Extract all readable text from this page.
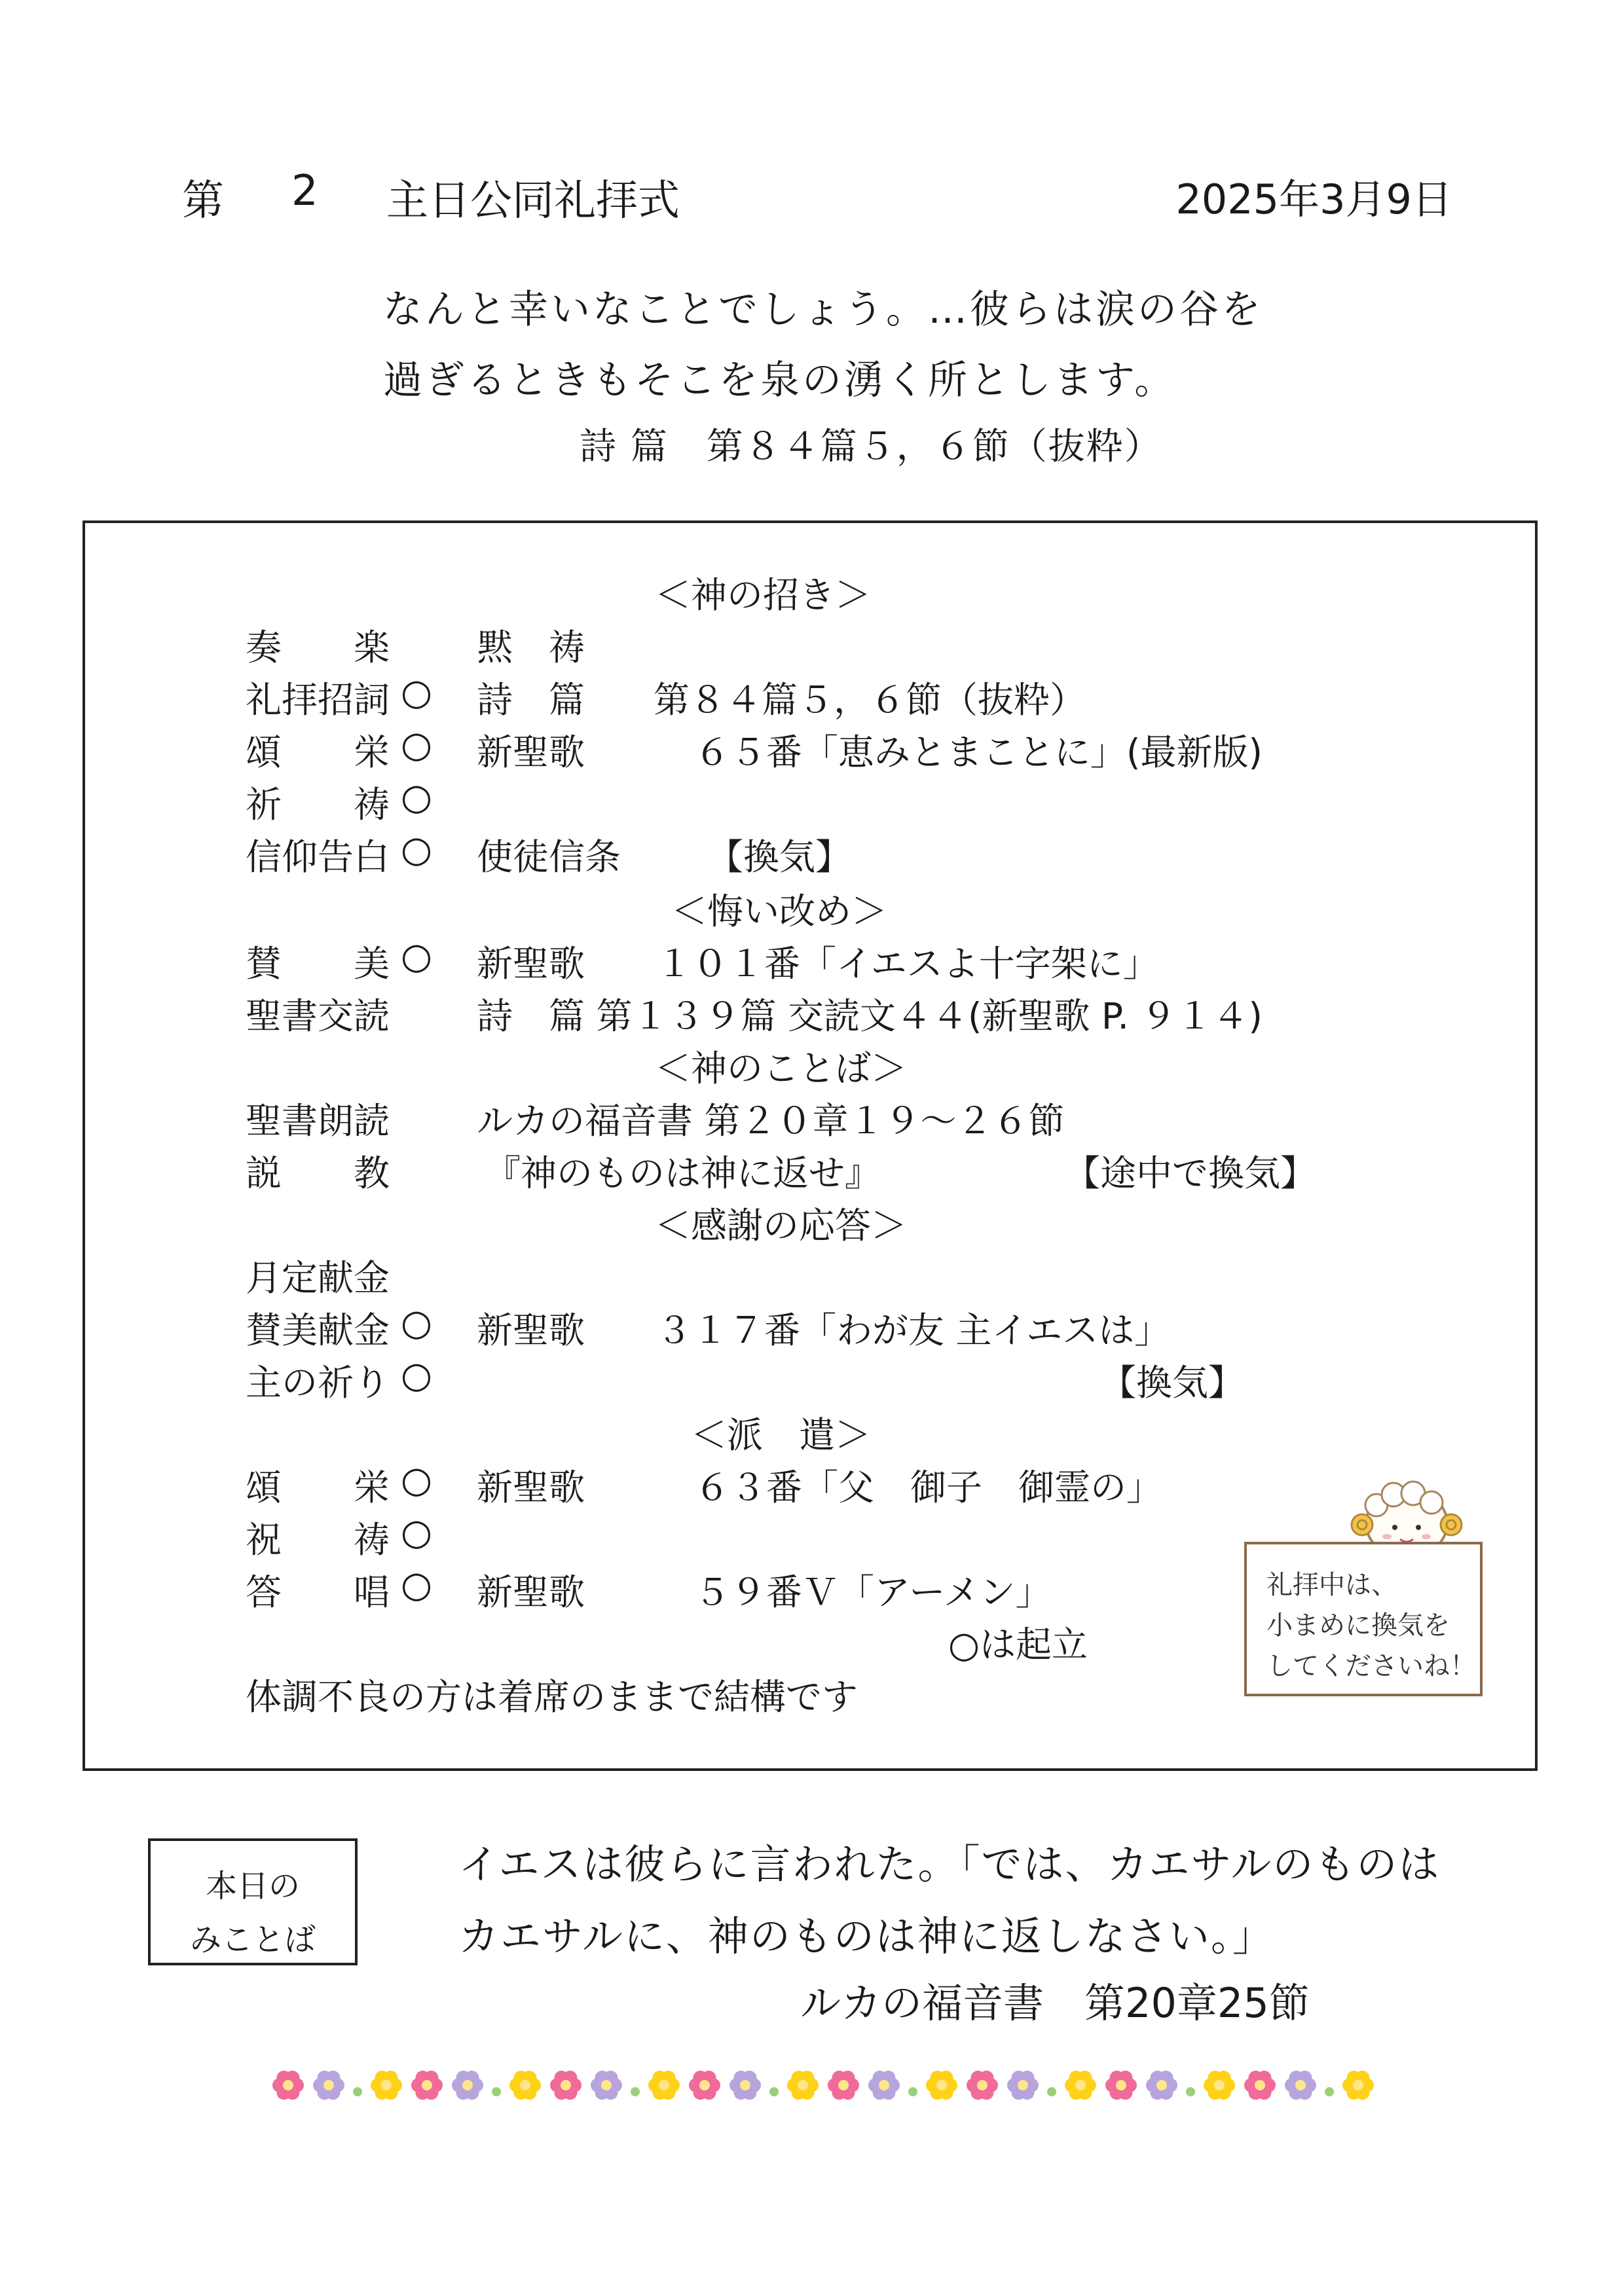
第 2 主日公同礼拝式	2025年3月9日
なんと幸いなことでしょう。…彼らは涙の谷を
過ぎるときもそこを泉の湧く所とします。
詩 篇　第８４篇５，６節（抜粋）
＜神の招き＞
奏　　楽 黙　祷
礼拝招詞 ○ 詩　篇 第８４篇５，６節（抜粋）
頌　　栄 ○ 新聖歌	６５番「恵みとまことに」(最新版)
祈　　祷 ○
信仰告白 ○ 使徒信条 【換気】
＜悔い改め＞
賛　　美 ○ 新聖歌 １０１番「イエスよ十字架に」
聖書交読 詩　篇 第１３９篇 交読文４４(新聖歌 P. ９１４)
＜神のことば＞
聖書朗読 ルカの福音書 第２０章１９～２６節
説　　教	『神のものは神に返せ』	【途中で換気】
＜感謝の応答＞
月定献金
賛美献金 ○ 新聖歌 ３１７番「わが友 主イエスは」
主の祈り ○	【換気】
＜派　遣＞
頌　　栄 ○ 新聖歌	６３番「父　御子　御霊の」
祝　　祷 ○
答　　唱 ○ 新聖歌	５９番Ｖ「アーメン」
○は起立
体調不良の方は着席のままで結構です
礼拝中は、
小まめに換気を
してくださいね！
本日の
みことば
イエスは彼らに言われた。「では、カエサルのものは
カエサルに、神のものは神に返しなさい。」
ルカの福音書　第20章25節
